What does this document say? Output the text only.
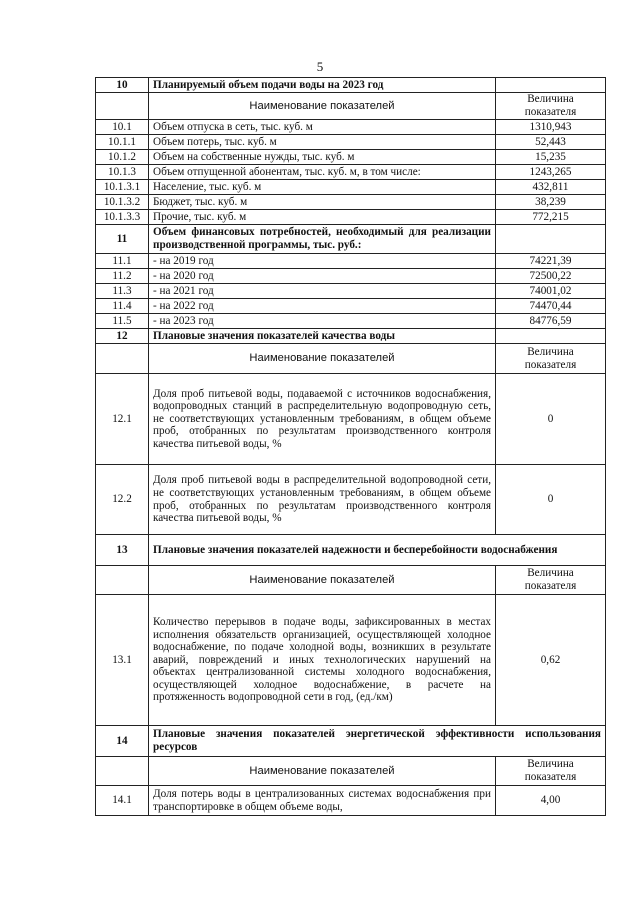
5
10	Планируемый объем подачи воды на 2023 год	
	Наименование показателей	Величина
показателя
10.1	Объем отпуска в сеть, тыс. куб. м	1310,943
10.1.1	Объем потерь, тыс. куб. м	52,443
10.1.2	Объем на собственные нужды, тыс. куб. м	15,235
10.1.3	Объем отпущенной абонентам, тыс. куб. м, в том числе:	1243,265
10.1.3.1	Население, тыс. куб. м	432,811
10.1.3.2	Бюджет, тыс. куб. м	38,239
10.1.3.3	Прочие, тыс. куб. м	772,215
11	Объем финансовых потребностей, необходимый для реализации производственной программы, тыс. руб.:	
11.1	- на 2019 год	74221,39
11.2	- на 2020 год	72500,22
11.3	- на 2021 год	74001,02
11.4	- на 2022 год	74470,44
11.5	- на 2023 год	84776,59
12	Плановые значения показателей качества воды	
	Наименование показателей	Величина
показателя
12.1	Доля проб питьевой воды, подаваемой с источников водоснабжения, водопроводных станций в распределительную водопроводную сеть, не соответствующих установленным требованиям, в общем объеме проб, отобранных по результатам производственного контроля качества питьевой воды, %	0
12.2	Доля проб питьевой воды в распределительной водопроводной сети, не соответствующих установленным требованиям, в общем объеме проб, отобранных по результатам производственного контроля качества питьевой воды, %	0
13	Плановые значения показателей надежности и бесперебойности водоснабжения	
	Наименование показателей	Величина
показателя
13.1	Количество перерывов в подаче воды, зафиксированных в местах исполнения обязательств организацией, осуществляющей холодное водоснабжение, по подаче холодной воды, возникших в результате аварий, повреждений и иных технологических нарушений на объектах централизованной системы холодного водоснабжения, осуществляющей холодное водоснабжение, в расчете на протяженность водопроводной сети в год, (ед./км)	0,62
14	Плановые значения показателей энергетической эффективности использования ресурсов	
	Наименование показателей	Величина
показателя
14.1	Доля потерь воды в централизованных системах водоснабжения при транспортировке в общем объеме воды,	4,00
